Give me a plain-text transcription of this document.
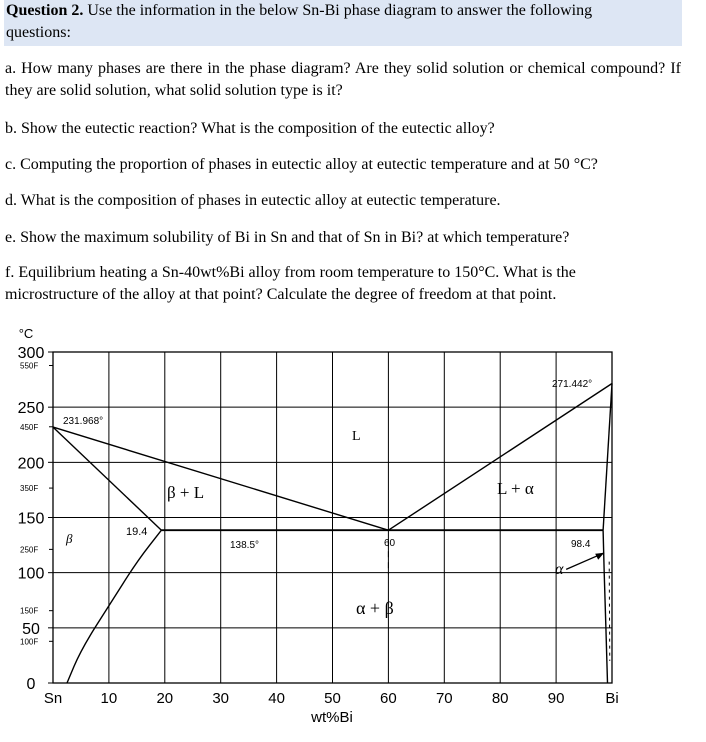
Question 2. Use the information in the below Sn-Bi phase diagram to answer the following
questions:
a. How many phases are there in the phase diagram? Are they solid solution or chemical compound? If they are solid solution, what solid solution type is it?
b. Show the eutectic reaction? What is the composition of the eutectic alloy?
c. Computing the proportion of phases in eutectic alloy at eutectic temperature and at 50 °C?
d. What is the composition of phases in eutectic alloy at eutectic temperature.
e. Show the maximum solubility of Bi in Sn and that of Sn in Bi? at which temperature?
f. Equilibrium heating a Sn-40wt%Bi alloy from room temperature to 150°C. What is the
microstructure of the alloy at that point? Calculate the degree of freedom at that point.
°C
wt%Bi
231.968°
271.442°
19.4
138.5°	60	98.4
L
β + L	L + α
α + β
β
α
Sn	10	20	30	40	50	60	70	80	90	Bi
0
50
100
150
200
250
300
100F
150F
250F
350F
450F
550F
